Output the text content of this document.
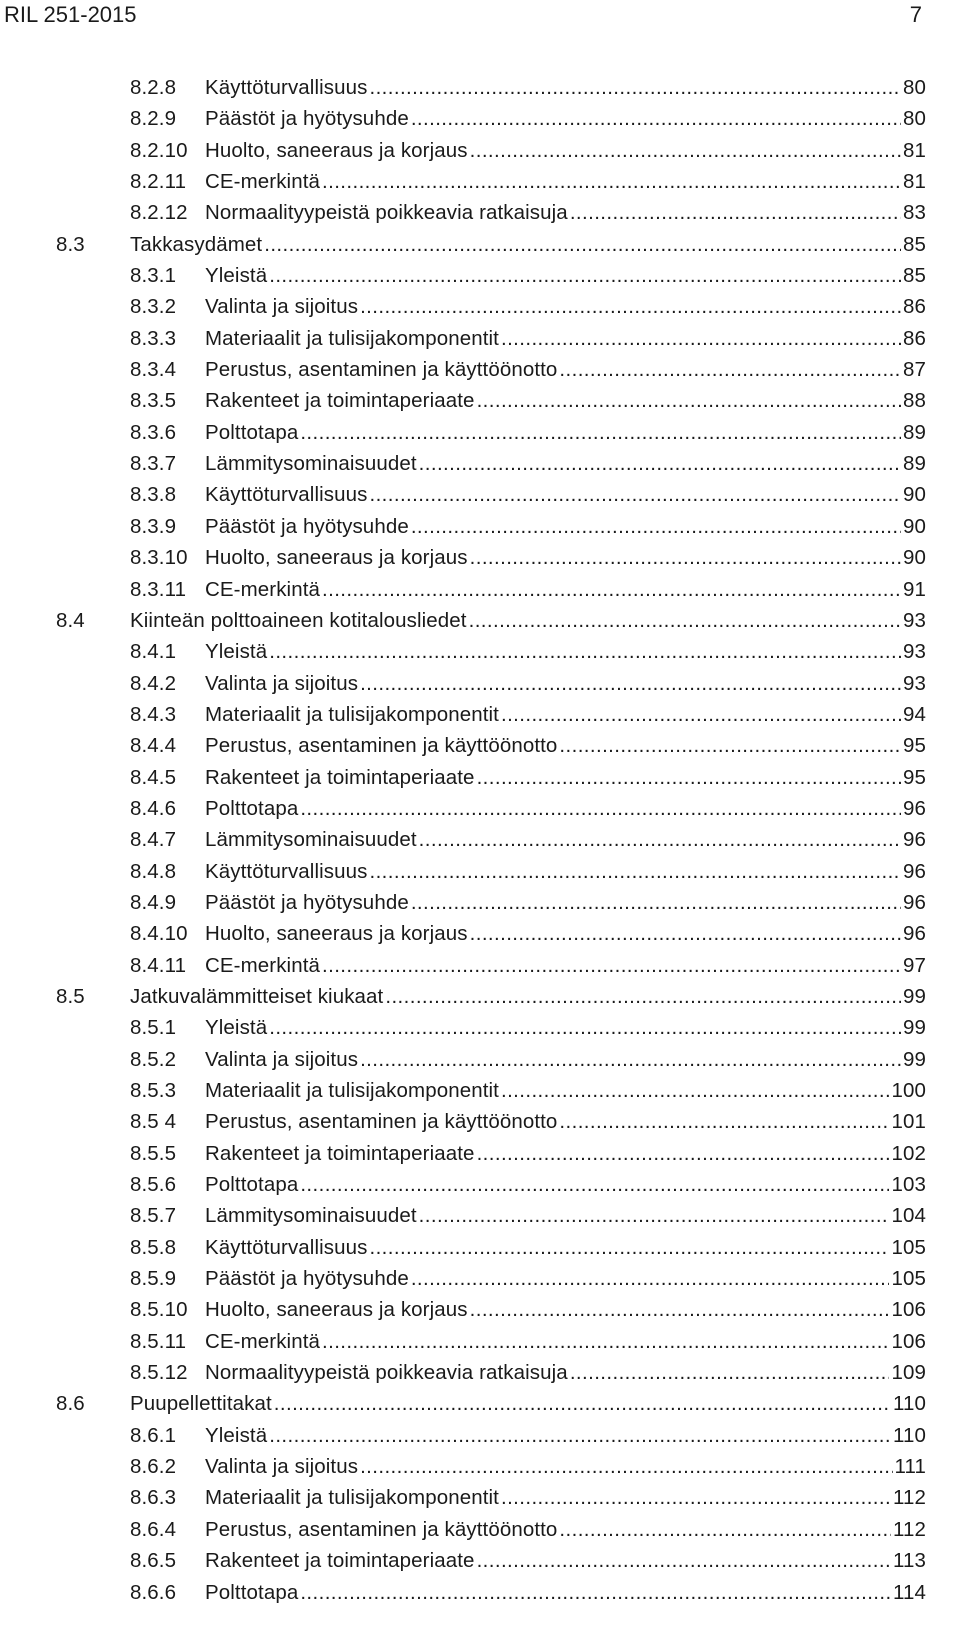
RIL 251-2015	7
8.2.8 Käyttöturvallisuus .....	80
8.2.9 Päästöt ja hyötysuhde .....	80
8.2.10 Huolto, saneeraus ja korjaus .....	81
8.2.11 CE-merkintä .....	81
8.2.12 Normaalityypeistä poikkeavia ratkaisuja .....	83
8.3 Takkasydämet .....	85
8.3.1 Yleistä .....	85
8.3.2 Valinta ja sijoitus .....	86
8.3.3 Materiaalit ja tulisijakomponentit .....	86
8.3.4 Perustus, asentaminen ja käyttöönotto .....	87
8.3.5 Rakenteet ja toimintaperiaate .....	88
8.3.6 Polttotapa .....	89
8.3.7 Lämmitysominaisuudet .....	89
8.3.8 Käyttöturvallisuus .....	90
8.3.9 Päästöt ja hyötysuhde .....	90
8.3.10 Huolto, saneeraus ja korjaus .....	90
8.3.11 CE-merkintä .....	91
8.4 Kiinteän polttoaineen kotitalousliedet .....	93
8.4.1 Yleistä .....	93
8.4.2 Valinta ja sijoitus .....	93
8.4.3 Materiaalit ja tulisijakomponentit .....	94
8.4.4 Perustus, asentaminen ja käyttöönotto .....	95
8.4.5 Rakenteet ja toimintaperiaate .....	95
8.4.6 Polttotapa .....	96
8.4.7 Lämmitysominaisuudet .....	96
8.4.8 Käyttöturvallisuus .....	96
8.4.9 Päästöt ja hyötysuhde .....	96
8.4.10 Huolto, saneeraus ja korjaus .....	96
8.4.11 CE-merkintä .....	97
8.5 Jatkuvalämmitteiset kiukaat .....	99
8.5.1 Yleistä .....	99
8.5.2 Valinta ja sijoitus .....	99
8.5.3 Materiaalit ja tulisijakomponentit .....	100
8.5 4 Perustus, asentaminen ja käyttöönotto .....	101
8.5.5 Rakenteet ja toimintaperiaate .....	102
8.5.6 Polttotapa .....	103
8.5.7 Lämmitysominaisuudet .....	104
8.5.8 Käyttöturvallisuus .....	105
8.5.9 Päästöt ja hyötysuhde .....	105
8.5.10 Huolto, saneeraus ja korjaus .....	106
8.5.11 CE-merkintä .....	106
8.5.12 Normaalityypeistä poikkeavia ratkaisuja .....	109
8.6 Puupellettitakat .....	110
8.6.1 Yleistä .....	110
8.6.2 Valinta ja sijoitus .....	111
8.6.3 Materiaalit ja tulisijakomponentit .....	112
8.6.4 Perustus, asentaminen ja käyttöönotto .....	112
8.6.5 Rakenteet ja toimintaperiaate .....	113
8.6.6 Polttotapa .....	114
